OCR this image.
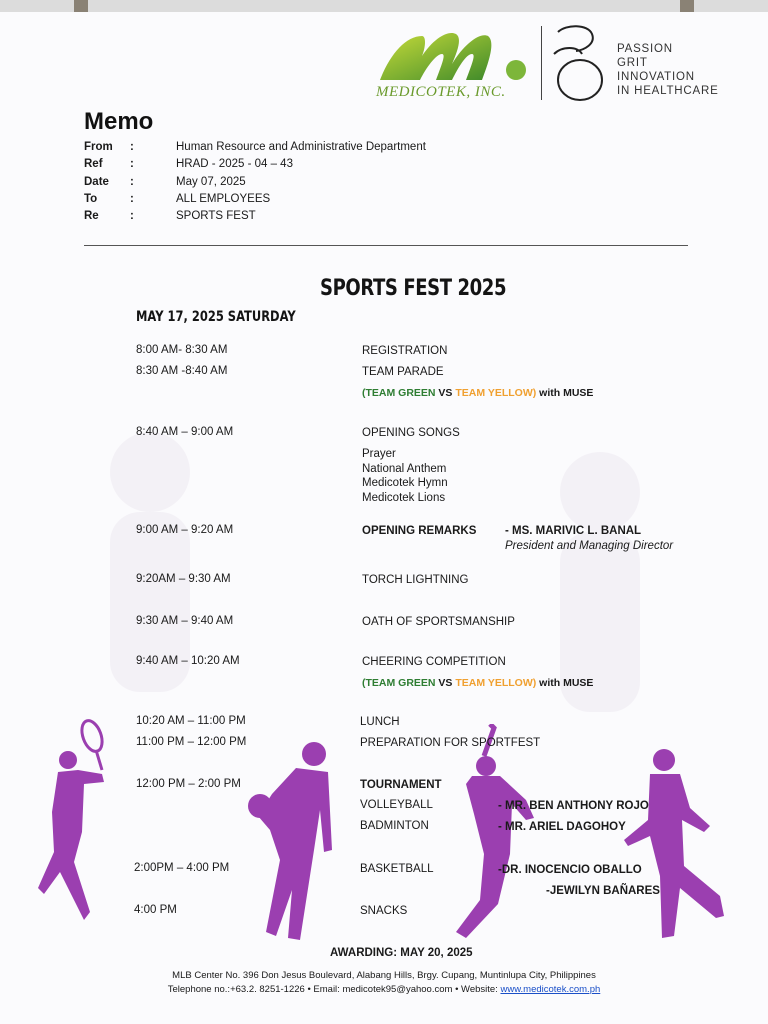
MEDICOTEK, INC.
PASSION
GRIT
INNOVATION
IN HEALTHCARE
Memo
From :	Human Resource and Administrative Department
Ref :	HRAD - 2025 - 04 – 43
Date :	May 07, 2025
To	:	ALL EMPLOYEES
Re	:	SPORTS FEST
SPORTS FEST 2025
MAY 17, 2025 SATURDAY
8:00 AM- 8:30 AM	REGISTRATION
8:30 AM -8:40 AM	TEAM PARADE
(TEAM GREEN VS TEAM YELLOW) with MUSE
8:40 AM – 9:00 AM	OPENING SONGS
Prayer
National Anthem
Medicotek Hymn
Medicotek Lions
9:00 AM – 9:20 AM	OPENING REMARKS - MS. MARIVIC L. BANAL
President and Managing Director
9:20AM – 9:30 AM	TORCH LIGHTNING
9:30 AM – 9:40 AM	OATH OF SPORTSMANSHIP
9:40 AM – 10:20 AM	CHEERING COMPETITION
(TEAM GREEN VS TEAM YELLOW) with MUSE
10:20 AM – 11:00 PM	LUNCH
11:00 PM – 12:00 PM	PREPARATION FOR SPORTFEST
12:00 PM – 2:00 PM	TOURNAMENT
VOLLEYBALL	- MR. BEN ANTHONY ROJO
BADMINTON	- MR. ARIEL DAGOHOY
2:00PM – 4:00 PM	BASKETBALL	-DR. INOCENCIO OBALLO
-JEWILYN BAÑARES
4:00 PM	SNACKS
AWARDING: MAY 20, 2025
MLB Center No. 396 Don Jesus Boulevard, Alabang Hills, Brgy. Cupang, Muntinlupa City, Philippines
Telephone no.:+63.2. 8251-1226 • Email: medicotek95@yahoo.com • Website: www.medicotek.com.ph
